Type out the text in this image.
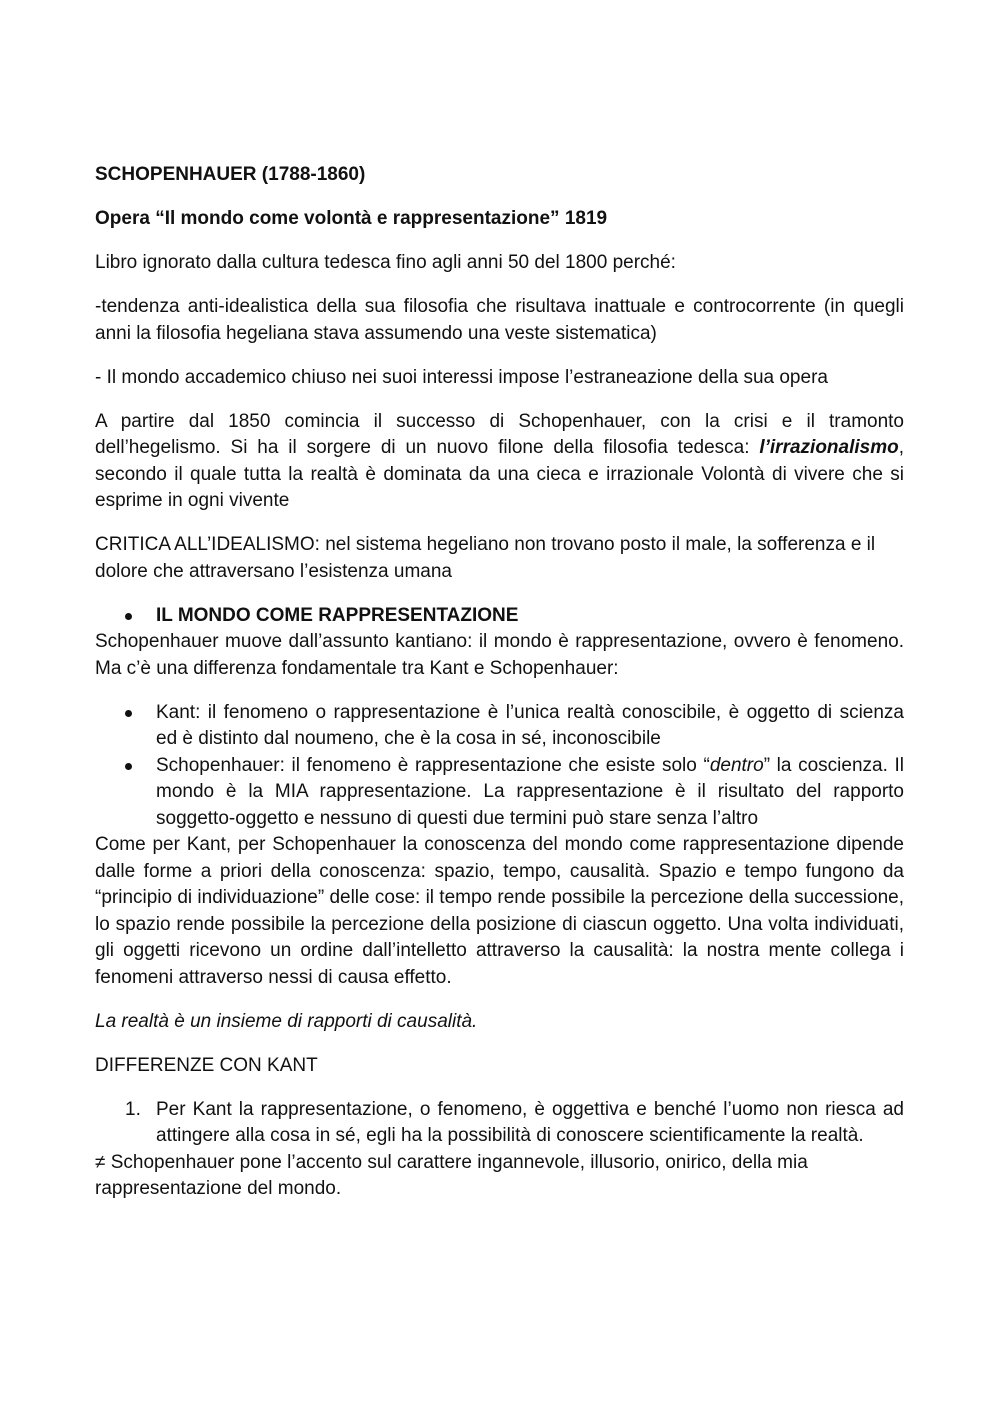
SCHOPENHAUER (1788-1860)

Opera “Il mondo come volontà e rappresentazione” 1819

Libro ignorato dalla cultura tedesca fino agli anni 50 del 1800 perché:

-tendenza anti-idealistica della sua filosofia che risultava inattuale e controcorrente (in quegli anni la filosofia hegeliana stava assumendo una veste sistematica)

- Il mondo accademico chiuso nei suoi interessi impose l’estraneazione della sua opera

A partire dal 1850 comincia il successo di Schopenhauer, con la crisi e il tramonto dell’hegelismo. Si ha il sorgere di un nuovo filone della filosofia tedesca: l’irrazionalismo, secondo il quale tutta la realtà è dominata da una cieca e irrazionale Volontà di vivere che si esprime in ogni vivente

CRITICA ALL’IDEALISMO: nel sistema hegeliano non trovano posto il male, la sofferenza e il dolore che attraversano l’esistenza umana

IL MONDO COME RAPPRESENTAZIONE

Schopenhauer muove dall’assunto kantiano: il mondo è rappresentazione, ovvero è fenomeno. Ma c’è una differenza fondamentale tra Kant e Schopenhauer:

Kant: il fenomeno o rappresentazione è l’unica realtà conoscibile, è oggetto di scienza ed è distinto dal noumeno, che è la cosa in sé, inconoscibile
Schopenhauer: il fenomeno è rappresentazione che esiste solo “dentro” la coscienza. Il mondo è la MIA rappresentazione. La rappresentazione è il risultato del rapporto soggetto-oggetto e nessuno di questi due termini può stare senza l’altro

Come per Kant, per Schopenhauer la conoscenza del mondo come rappresentazione dipende dalle forme a priori della conoscenza: spazio, tempo, causalità. Spazio e tempo fungono da “principio di individuazione” delle cose: il tempo rende possibile la percezione della successione, lo spazio rende possibile la percezione della posizione di ciascun oggetto. Una volta individuati, gli oggetti ricevono un ordine dall’intelletto attraverso la causalità: la nostra mente collega i fenomeni attraverso nessi di causa effetto.

La realtà è un insieme di rapporti di causalità.

DIFFERENZE CON KANT

1. Per Kant la rappresentazione, o fenomeno, è oggettiva e benché l’uomo non riesca ad attingere alla cosa in sé, egli ha la possibilità di conoscere scientificamente la realtà.

≠ Schopenhauer pone l’accento sul carattere ingannevole, illusorio, onirico, della mia rappresentazione del mondo.
